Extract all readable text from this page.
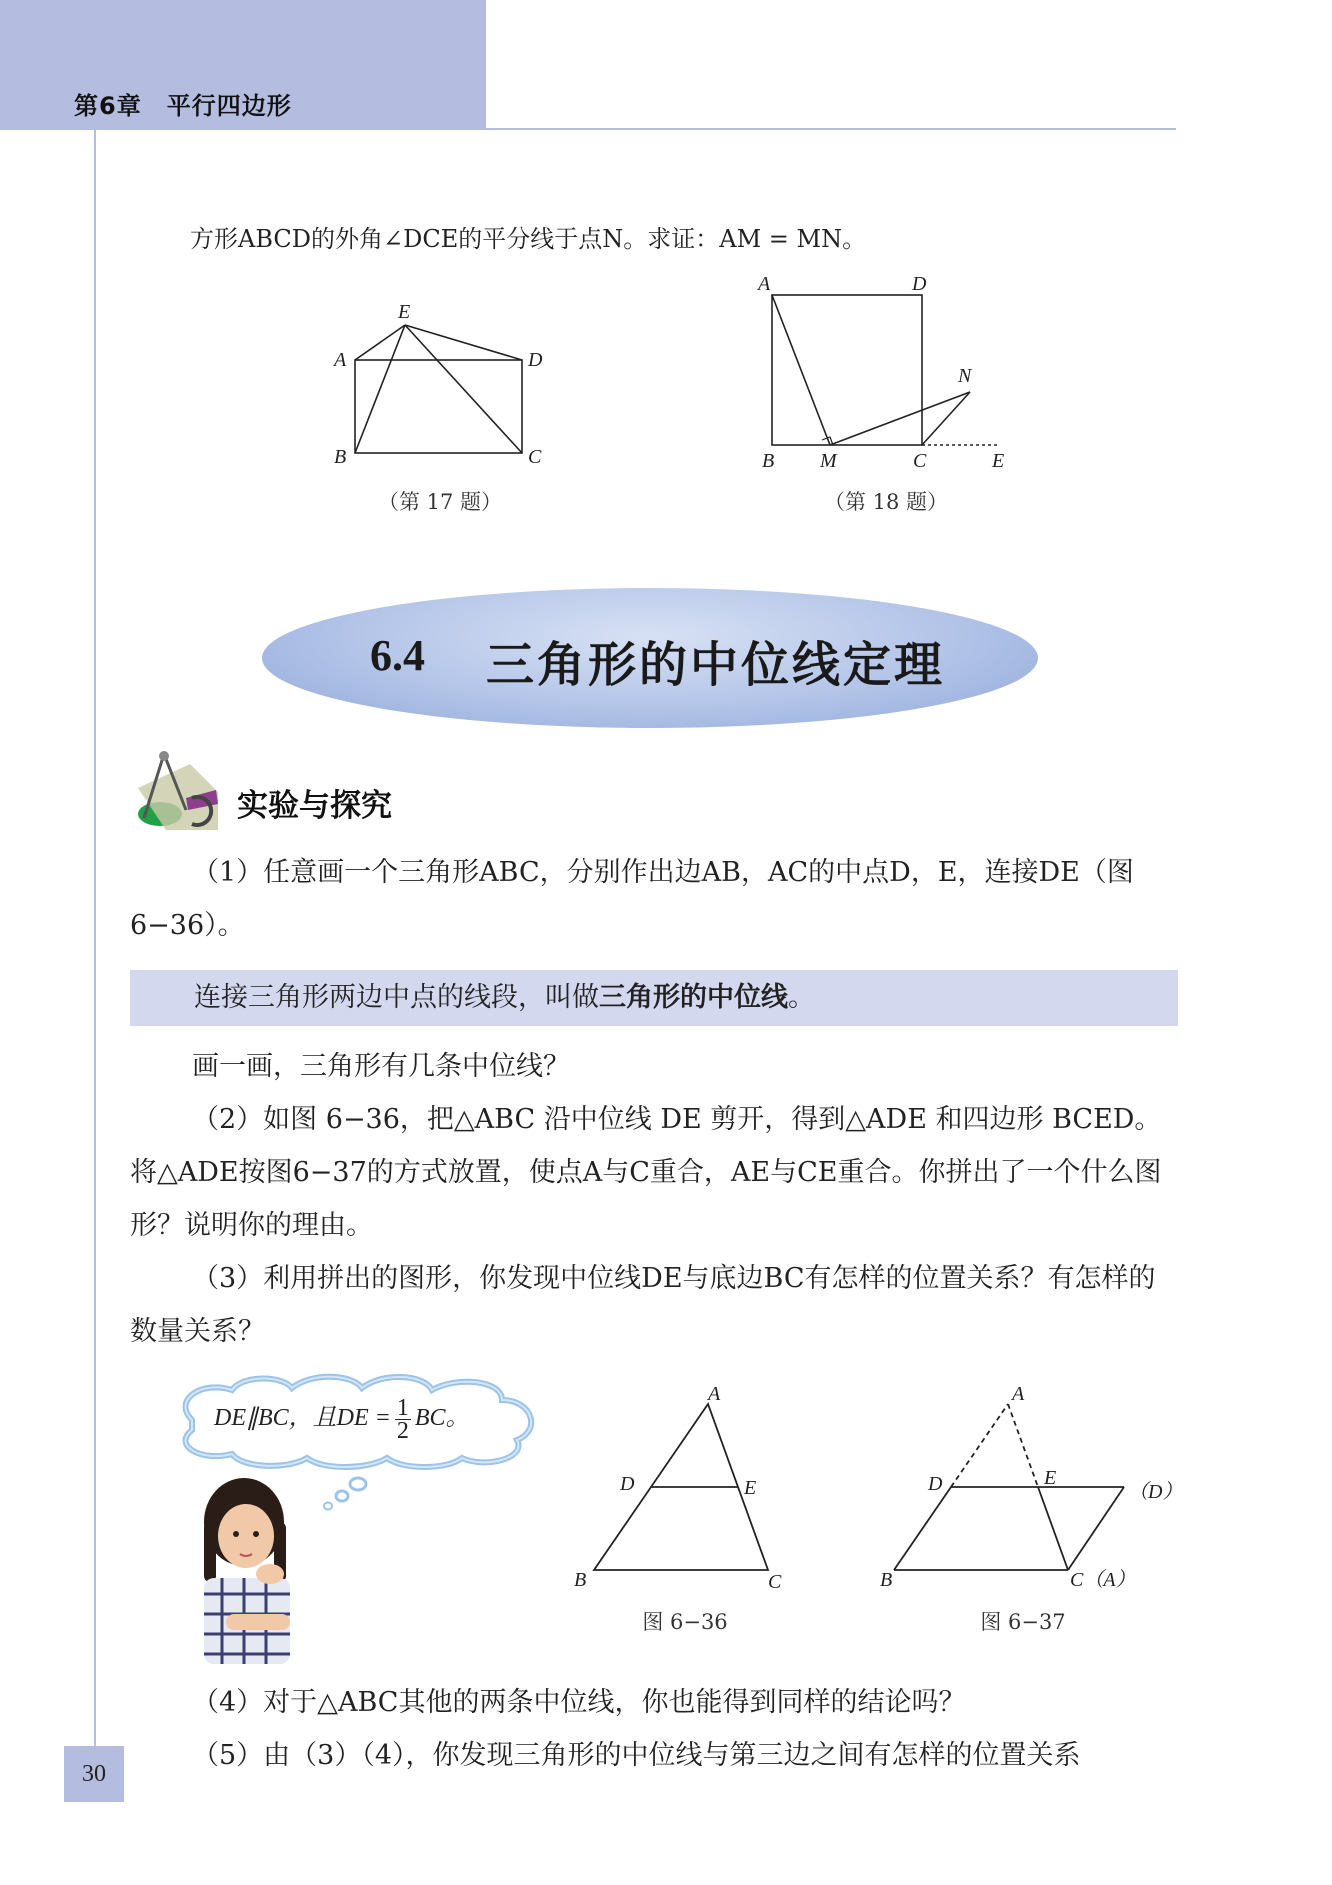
第6章　平行四边形
方形ABCD的外角∠DCE的平分线于点N。求证：AM = MN。
E
A	D
B	C
（第 17 题）
A	D
N
B M	C	E
（第 18 题）
6.4 三角形的中位线定理
实验与探究
（1）任意画一个三角形ABC，分别作出边AB，AC的中点D，E，连接DE（图6−36）。
连接三角形两边中点的线段，叫做三角形的中位线。
画一画，三角形有几条中位线？
（2）如图 6−36，把△ABC 沿中位线 DE 剪开，得到△ADE 和四边形 BCED。将△ADE按图6−37的方式放置，使点A与C重合，AE与CE重合。你拼出了一个什么图形？说明你的理由。
（3）利用拼出的图形，你发现中位线DE与底边BC有怎样的位置关系？有怎样的数量关系？
DE∥BC，且DE = $\frac{1}{2}$ BC。
A
D	E
B	C
图 6−36
A
D	E
（D）
B	C（A）
图 6−37
（4）对于△ABC其他的两条中位线，你也能得到同样的结论吗？
（5）由（3）（4），你发现三角形的中位线与第三边之间有怎样的位置关系
30
